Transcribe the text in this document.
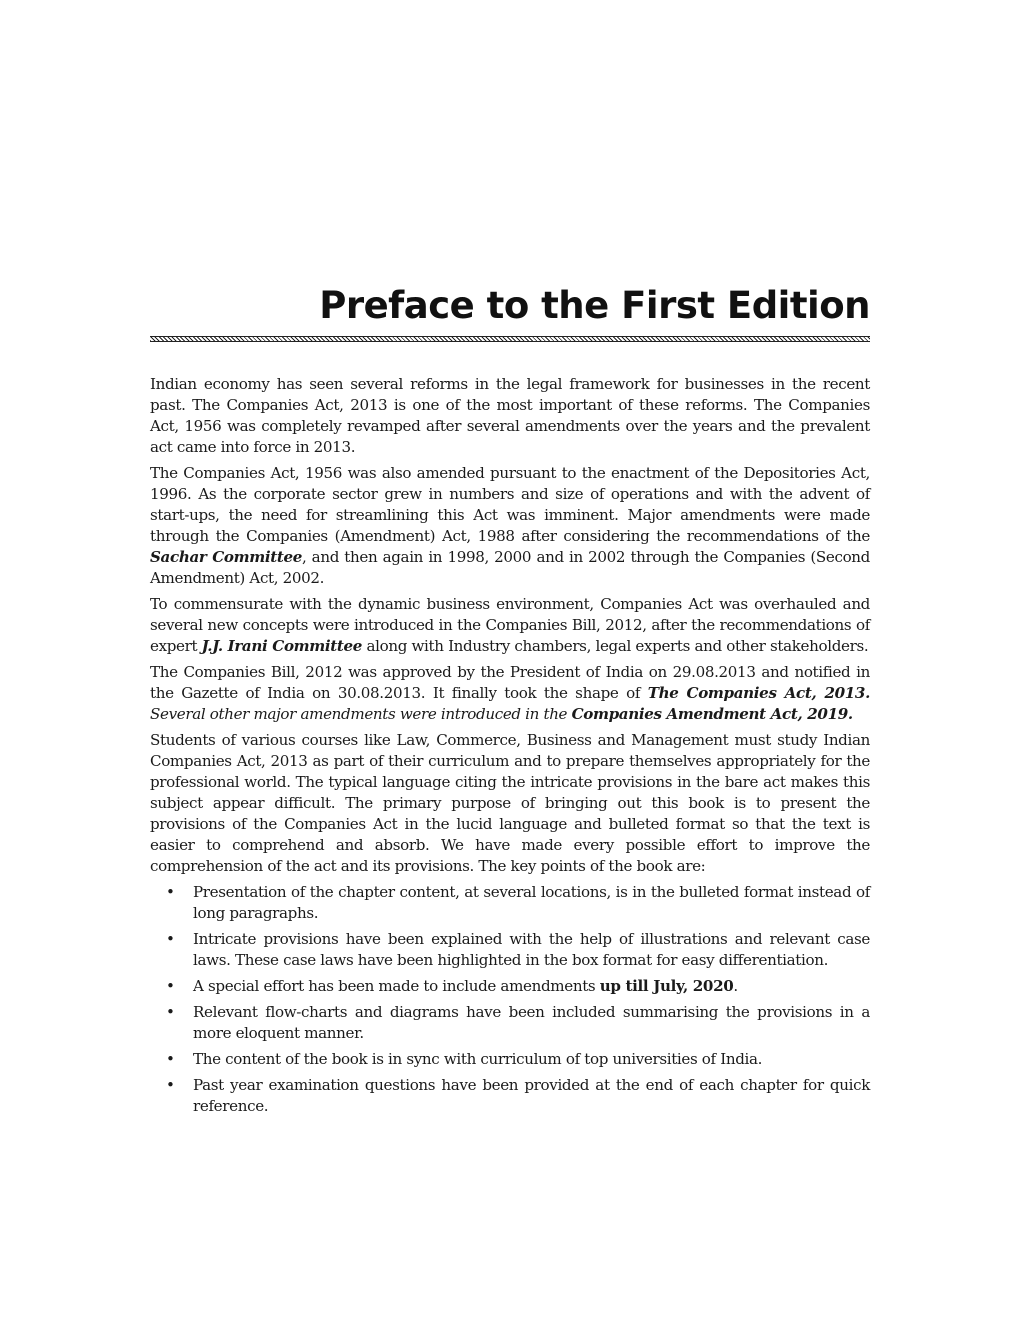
Preface to the First Edition

Indian economy has seen several reforms in the legal framework for businesses in the recent past. The Companies Act, 2013 is one of the most important of these reforms. The Companies Act, 1956 was completely revamped after several amendments over the years and the prevalent act came into force in 2013.

The Companies Act, 1956 was also amended pursuant to the enactment of the Depositories Act, 1996. As the corporate sector grew in numbers and size of operations and with the advent of start-ups, the need for streamlining this Act was imminent. Major amendments were made through the Companies (Amendment) Act, 1988 after considering the recommendations of the Sachar Committee, and then again in 1998, 2000 and in 2002 through the Companies (Second Amendment) Act, 2002.

To commensurate with the dynamic business environment, Companies Act was overhauled and several new concepts were introduced in the Companies Bill, 2012, after the recommendations of expert J.J. Irani Committee along with Industry chambers, legal experts and other stakeholders.

The Companies Bill, 2012 was approved by the President of India on 29.08.2013 and notified in the Gazette of India on 30.08.2013. It finally took the shape of The Companies Act, 2013. Several other major amendments were introduced in the Companies Amendment Act, 2019.

Students of various courses like Law, Commerce, Business and Management must study Indian Companies Act, 2013 as part of their curriculum and to prepare themselves appropriately for the professional world. The typical language citing the intricate provisions in the bare act makes this subject appear difficult. The primary purpose of bringing out this book is to present the provisions of the Companies Act in the lucid language and bulleted format so that the text is easier to comprehend and absorb. We have made every possible effort to improve the comprehension of the act and its provisions. The key points of the book are:

• Presentation of the chapter content, at several locations, is in the bulleted format instead of long paragraphs.
• Intricate provisions have been explained with the help of illustrations and relevant case laws. These case laws have been highlighted in the box format for easy differentiation.
• A special effort has been made to include amendments up till July, 2020.
• Relevant flow-charts and diagrams have been included summarising the provisions in a more eloquent manner.
• The content of the book is in sync with curriculum of top universities of India.
• Past year examination questions have been provided at the end of each chapter for quick reference.
